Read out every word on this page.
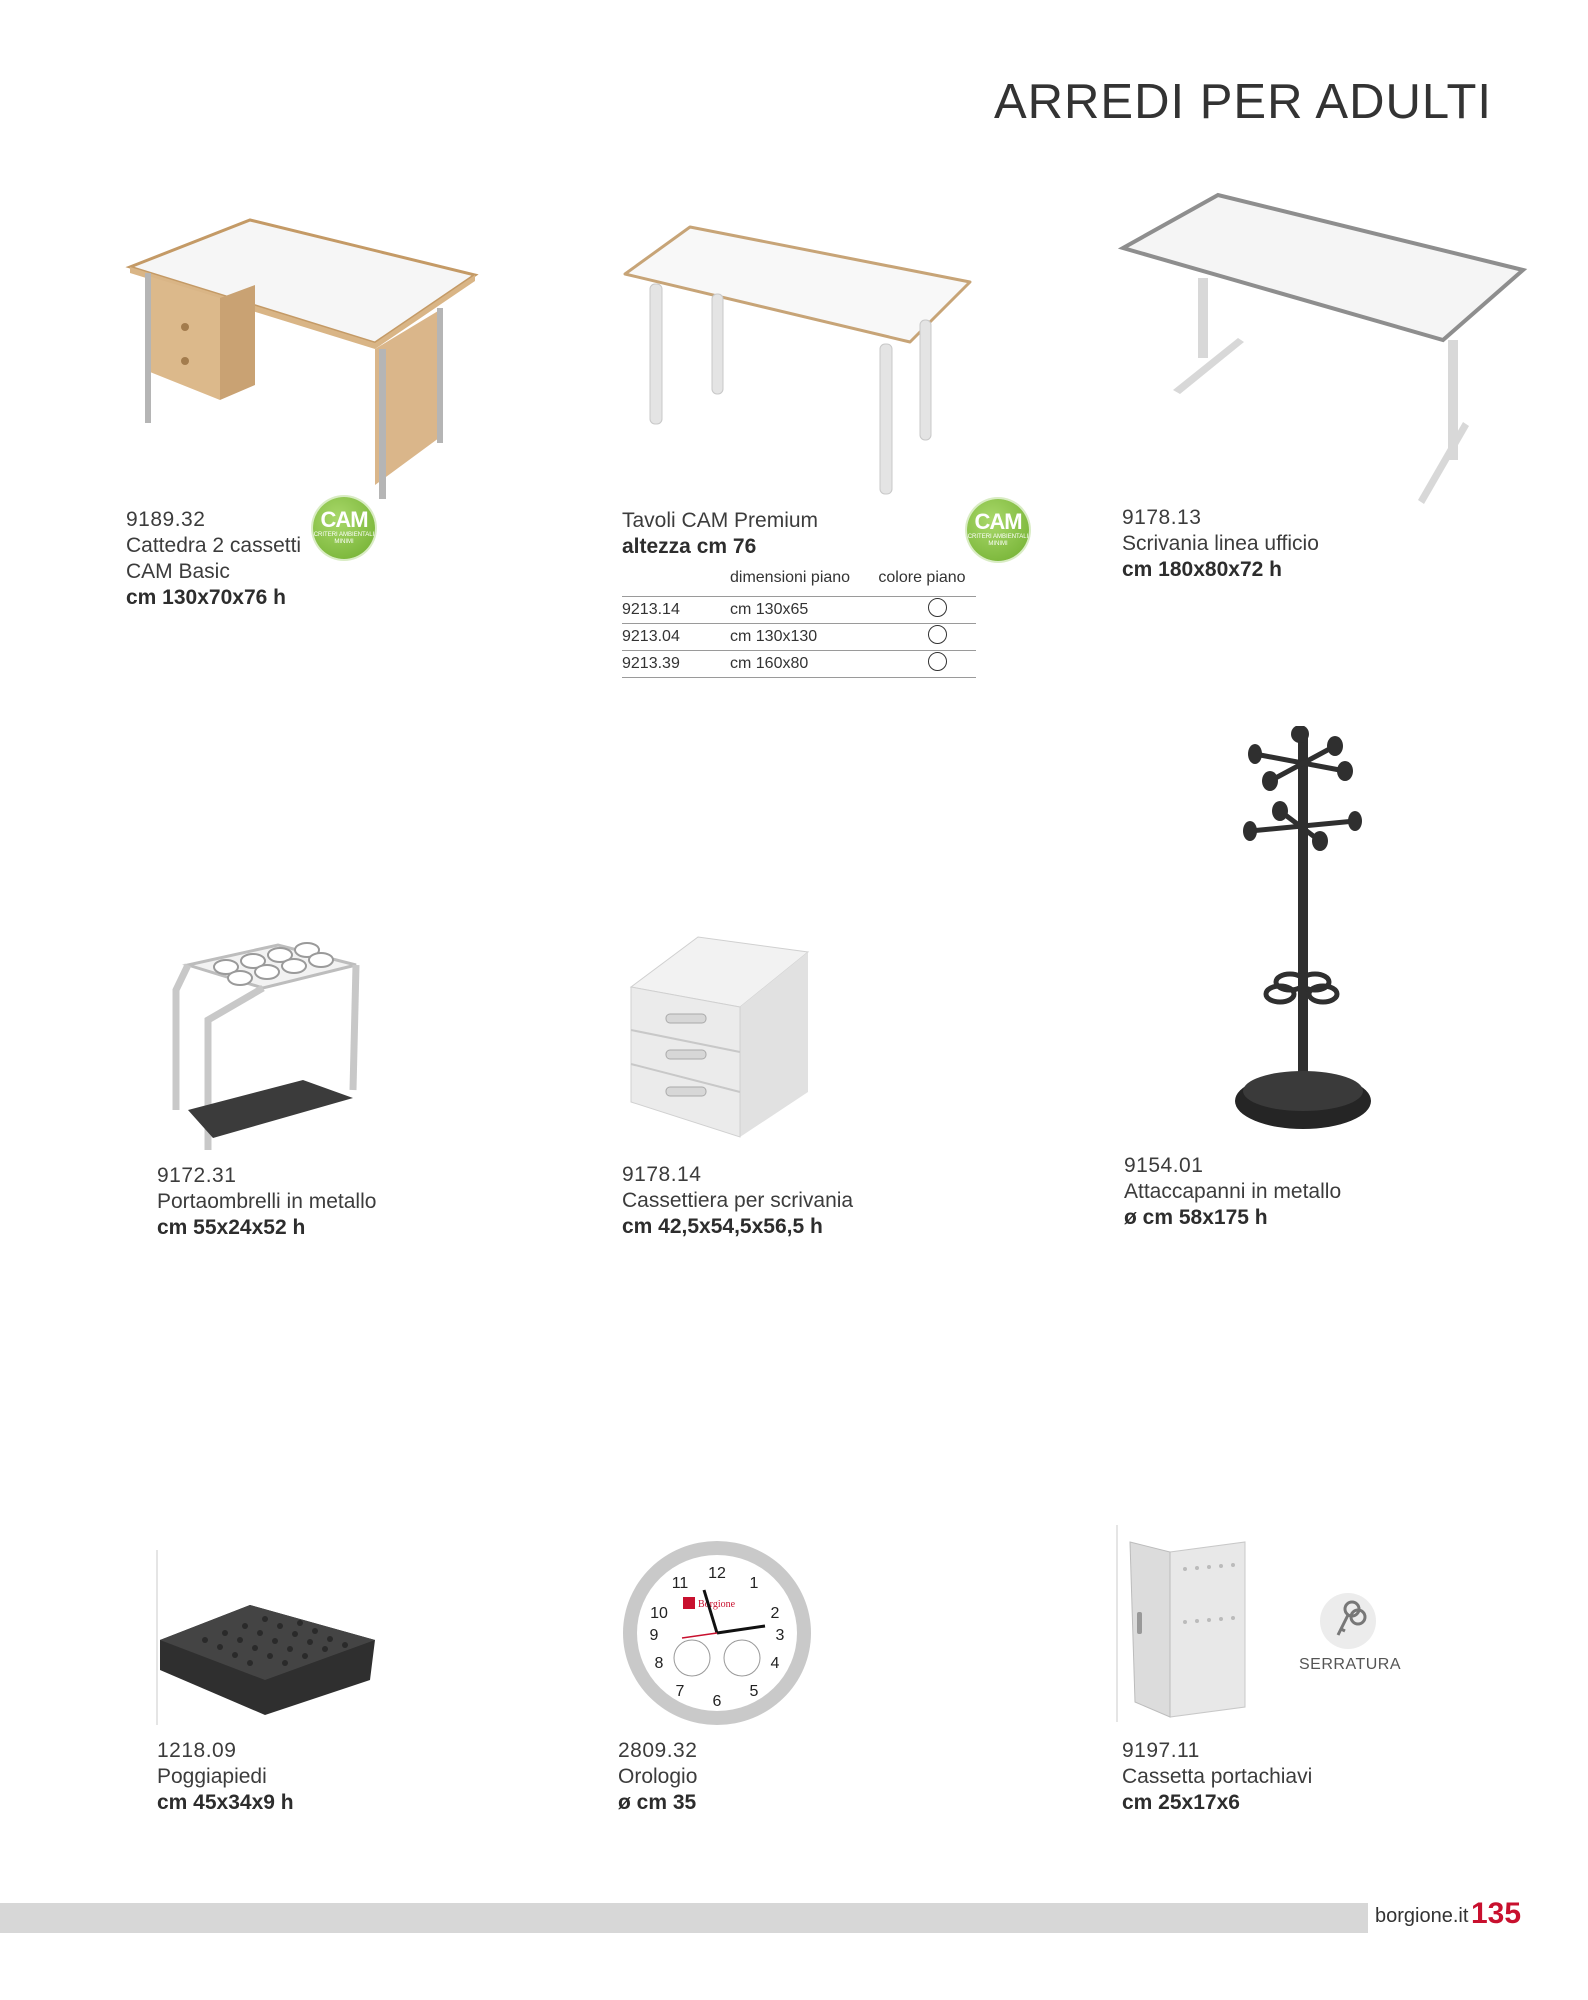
ARREDI PER ADULTI
CAM
CRITERI AMBIENTALI MINIMI
9189.32
Cattedra 2 cassetti
CAM Basic
cm 130x70x76 h
CAM
CRITERI AMBIENTALI MINIMI
Tavoli CAM Premium
altezza cm 76
	dimensioni piano	colore piano
9213.14	cm 130x65	
9213.04	cm 130x130	
9213.39	cm 160x80	
9178.13
Scrivania linea ufficio
cm 180x80x72 h
9172.31
Portaombrelli in metallo
cm 55x24x52 h
9178.14
Cassettiera per scrivania
cm 42,5x54,5x56,5 h
9154.01
Attaccapanni in metallo
ø cm 58x175 h
1218.09
Poggiapiedi
cm 45x34x9 h
12
1
2
3
4
5
6
7
8
9
10
11
Borgione
2809.32
Orologio
ø cm 35
SERRATURA
9197.11
Cassetta portachiavi
cm 25x17x6
borgione.it 135
